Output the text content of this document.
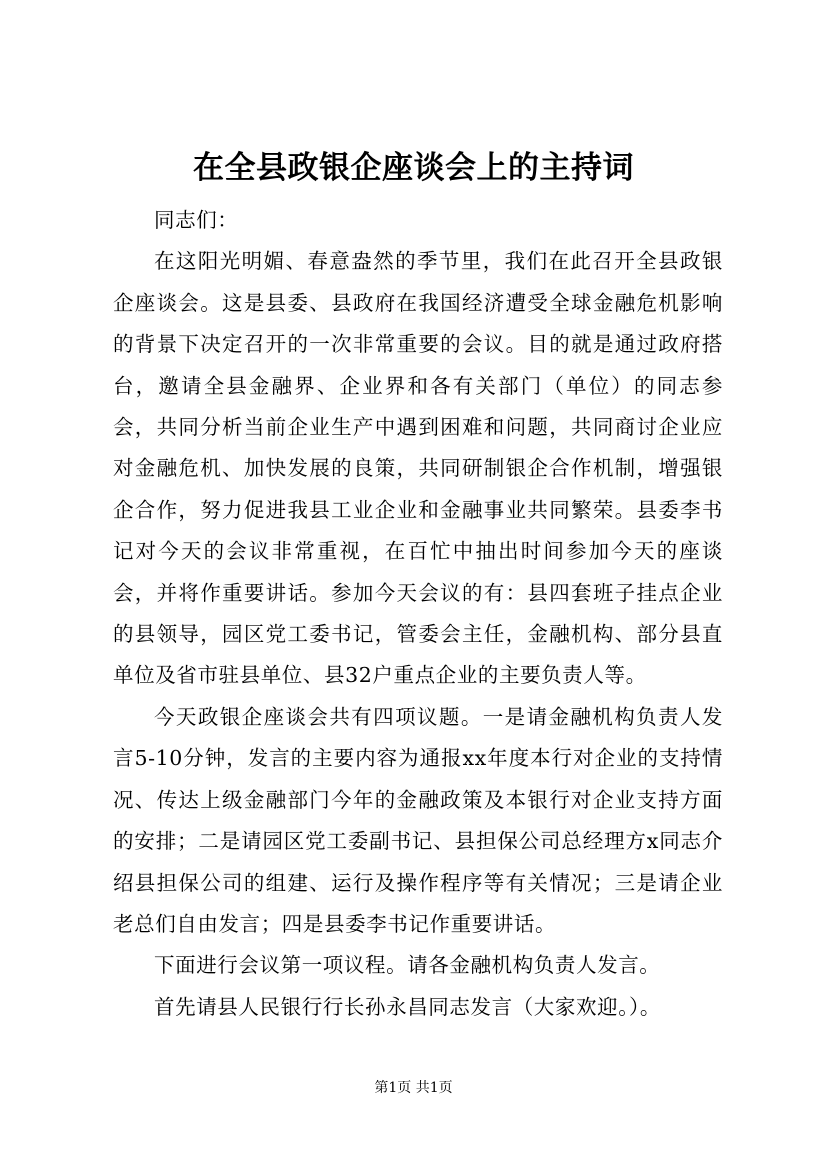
在全县政银企座谈会上的主持词

同志们：

在这阳光明媚、春意盎然的季节里，我们在此召开全县政银企座谈会。这是县委、县政府在我国经济遭受全球金融危机影响的背景下决定召开的一次非常重要的会议。目的就是通过政府搭台，邀请全县金融界、企业界和各有关部门（单位）的同志参会，共同分析当前企业生产中遇到困难和问题，共同商讨企业应对金融危机、加快发展的良策，共同研制银企合作机制，增强银企合作，努力促进我县工业企业和金融事业共同繁荣。县委李书记对今天的会议非常重视，在百忙中抽出时间参加今天的座谈会，并将作重要讲话。参加今天会议的有：县四套班子挂点企业的县领导，园区党工委书记，管委会主任，金融机构、部分县直单位及省市驻县单位、县32户重点企业的主要负责人等。

今天政银企座谈会共有四项议题。一是请金融机构负责人发言5-10分钟，发言的主要内容为通报xx年度本行对企业的支持情况、传达上级金融部门今年的金融政策及本银行对企业支持方面的安排；二是请园区党工委副书记、县担保公司总经理方x同志介绍县担保公司的组建、运行及操作程序等有关情况；三是请企业老总们自由发言；四是县委李书记作重要讲话。

下面进行会议第一项议程。请各金融机构负责人发言。

首先请县人民银行行长孙永昌同志发言（大家欢迎。）。

第1页 共1页
